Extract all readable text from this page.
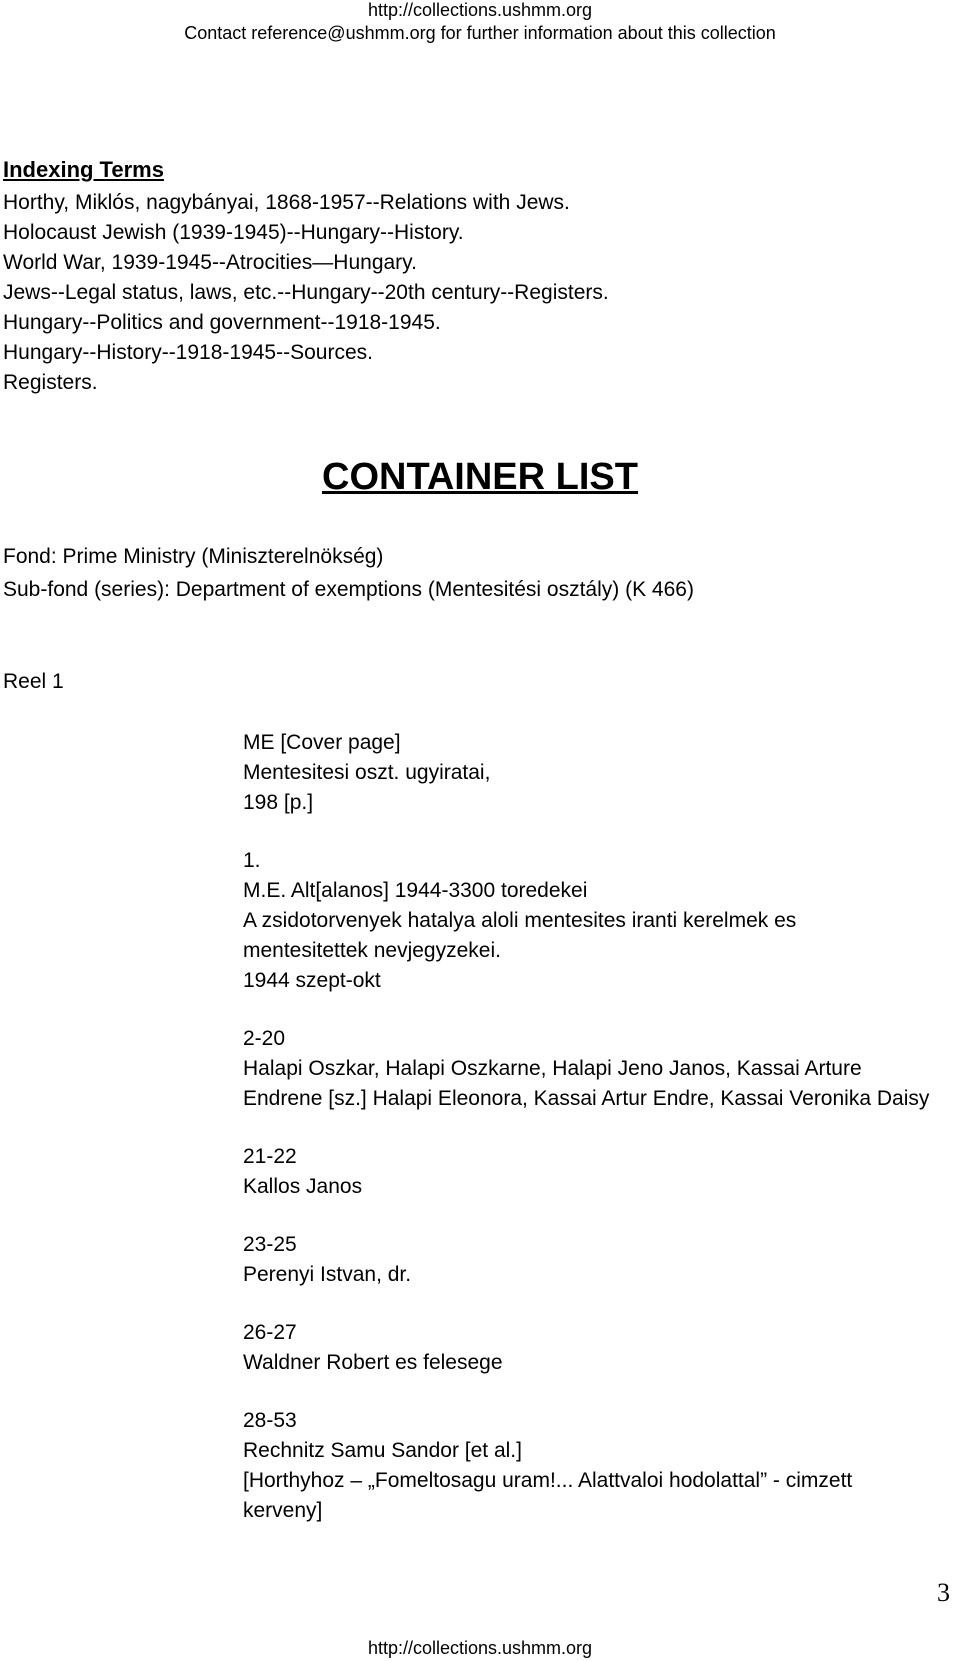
http://collections.ushmm.org
Contact reference@ushmm.org for further information about this collection
Indexing Terms
Horthy, Miklós, nagybányai, 1868-1957--Relations with Jews.
Holocaust Jewish (1939-1945)--Hungary--History.
World War, 1939-1945--Atrocities—Hungary.
Jews--Legal status, laws, etc.--Hungary--20th century--Registers.
Hungary--Politics and government--1918-1945.
Hungary--History--1918-1945--Sources.
Registers.
CONTAINER LIST
Fond: Prime Ministry (Miniszterelnökség)
Sub-fond (series): Department of exemptions (Mentesitési osztály) (K 466)
Reel 1
ME [Cover page]
Mentesitesi oszt. ugyiratai,
198 [p.]
1.
M.E. Alt[alanos] 1944-3300 toredekei
A zsidotorvenyek hatalya aloli mentesites iranti kerelmek es
mentesitettek nevjegyzekei.
1944 szept-okt
2-20
Halapi Oszkar, Halapi Oszkarne, Halapi Jeno Janos, Kassai Arture
Endrene [sz.] Halapi Eleonora, Kassai Artur Endre, Kassai Veronika Daisy
21-22
Kallos Janos
23-25
Perenyi Istvan, dr.
26-27
Waldner Robert es felesege
28-53
Rechnitz Samu Sandor [et al.]
[Horthyhoz – „Fomeltosagu uram!... Alattvaloi hodolattal” - cimzett
kerveny]
3
http://collections.ushmm.org
